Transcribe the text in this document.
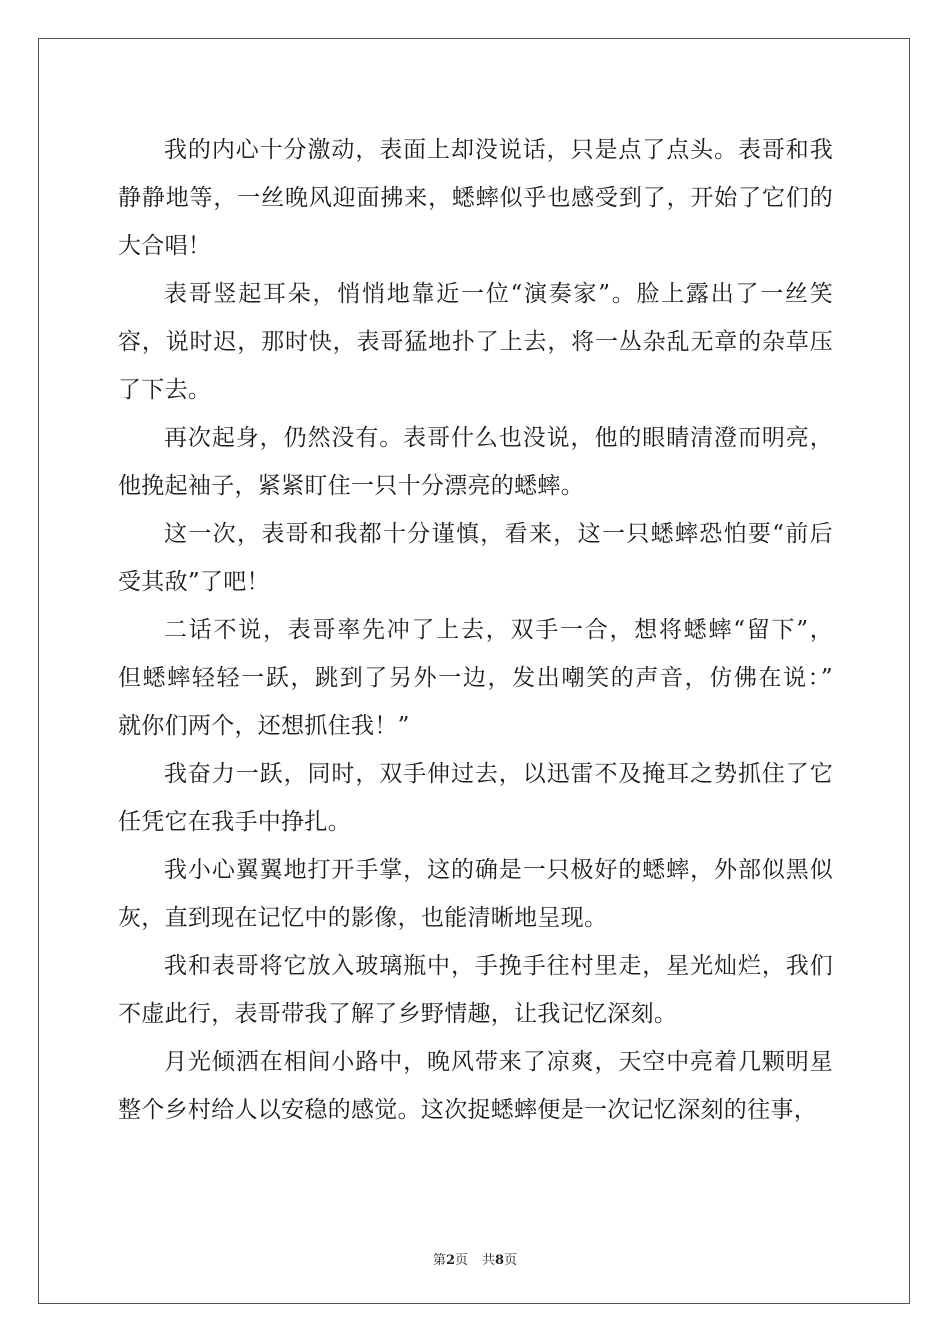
我的内心十分激动，表面上却没说话，只是点了点头。表哥和我
静静地等，一丝晚风迎面拂来，蟋蟀似乎也感受到了，开始了它们的
大合唱！
表哥竖起耳朵，悄悄地靠近一位“演奏家”。脸上露出了一丝笑
容，说时迟，那时快，表哥猛地扑了上去，将一丛杂乱无章的杂草压
了下去。
再次起身，仍然没有。表哥什么也没说，他的眼睛清澄而明亮，
他挽起袖子，紧紧盯住一只十分漂亮的蟋蟀。
这一次，表哥和我都十分谨慎，看来，这一只蟋蟀恐怕要“前后
受其敌”了吧！
二话不说，表哥率先冲了上去，双手一合，想将蟋蟀“留下”，
但蟋蟀轻轻一跃，跳到了另外一边，发出嘲笑的声音，仿佛在说：”
就你们两个，还想抓住我！”
我奋力一跃，同时，双手伸过去，以迅雷不及掩耳之势抓住了它
任凭它在我手中挣扎。
我小心翼翼地打开手掌，这的确是一只极好的蟋蟀，外部似黑似
灰，直到现在记忆中的影像，也能清晰地呈现。
我和表哥将它放入玻璃瓶中，手挽手往村里走，星光灿烂，我们
不虚此行，表哥带我了解了乡野情趣，让我记忆深刻。
月光倾洒在相间小路中，晚风带来了凉爽，天空中亮着几颗明星
整个乡村给人以安稳的感觉。这次捉蟋蟀便是一次记忆深刻的往事，
第2页 共8页
